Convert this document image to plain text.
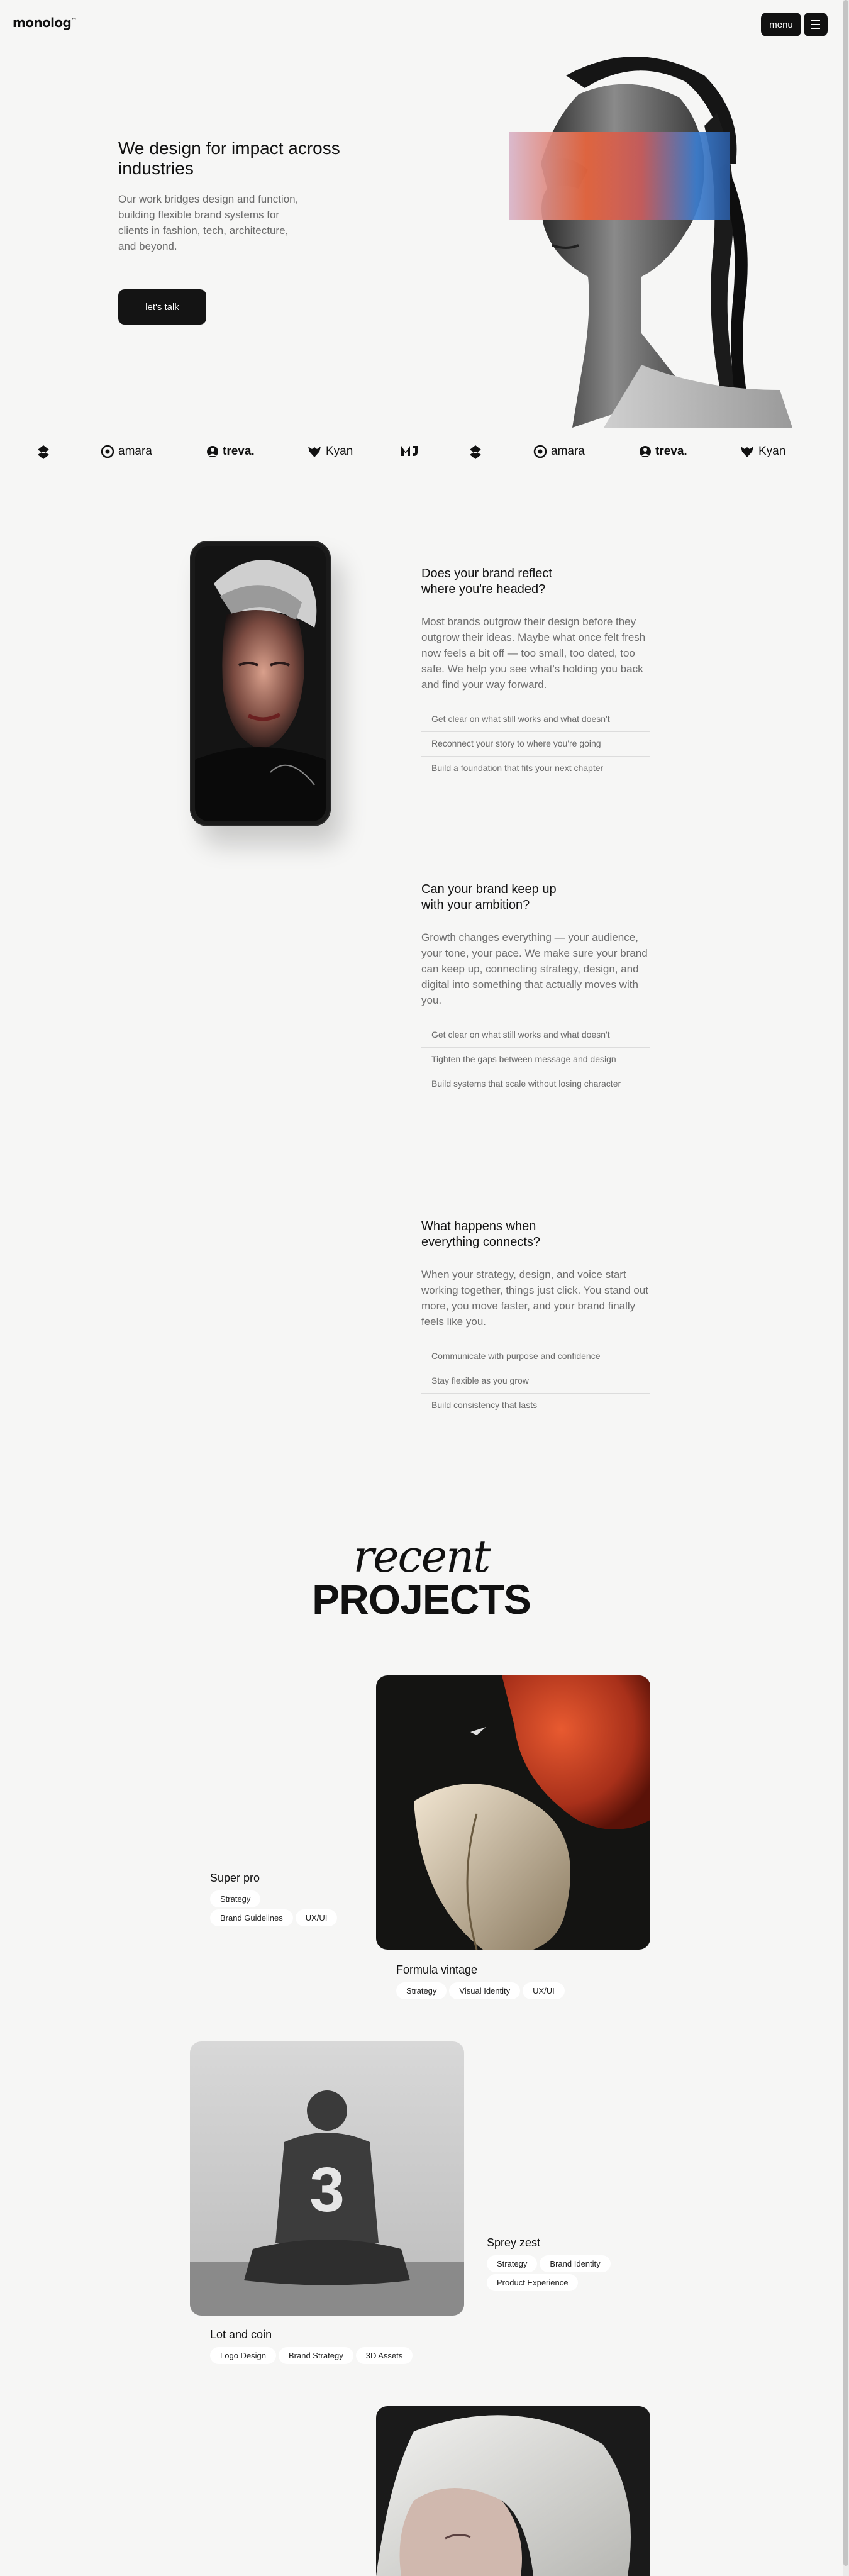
monolog™	menu
We design for impact across industries

Our work bridges design and function, building flexible brand systems for clients in fashion, tech, architecture, and beyond.

let's talk
amara	treva.	Kyan	amara	treva.	Kyan
Does your brand reflect where you're headed?

Most brands outgrow their design before they outgrow their ideas. Maybe what once felt fresh now feels a bit off — too small, too dated, too safe. We help you see what's holding you back and find your way forward.

Get clear on what still works and what doesn't
Reconnect your story to where you're going
Build a foundation that fits your next chapter
Can your brand keep up with your ambition?

Growth changes everything — your audience, your tone, your pace. We make sure your brand can keep up, connecting strategy, design, and digital into something that actually moves with you.

Get clear on what still works and what doesn't
Tighten the gaps between message and design
Build systems that scale without losing character
What happens when everything connects?

When your strategy, design, and voice start working together, things just click. You stand out more, you move faster, and your brand finally feels like you.

Communicate with purpose and confidence
Stay flexible as you grow
Build consistency that lasts
recent
PROJECTS
Super pro
Strategy
Brand Guidelines	UX/UI
Formula vintage
Strategy	Visual Identity	UX/UI
3
Lot and coin
Logo Design	Brand Strategy	3D Assets
Sprey zest
Strategy	Brand Identity
Product Experience
